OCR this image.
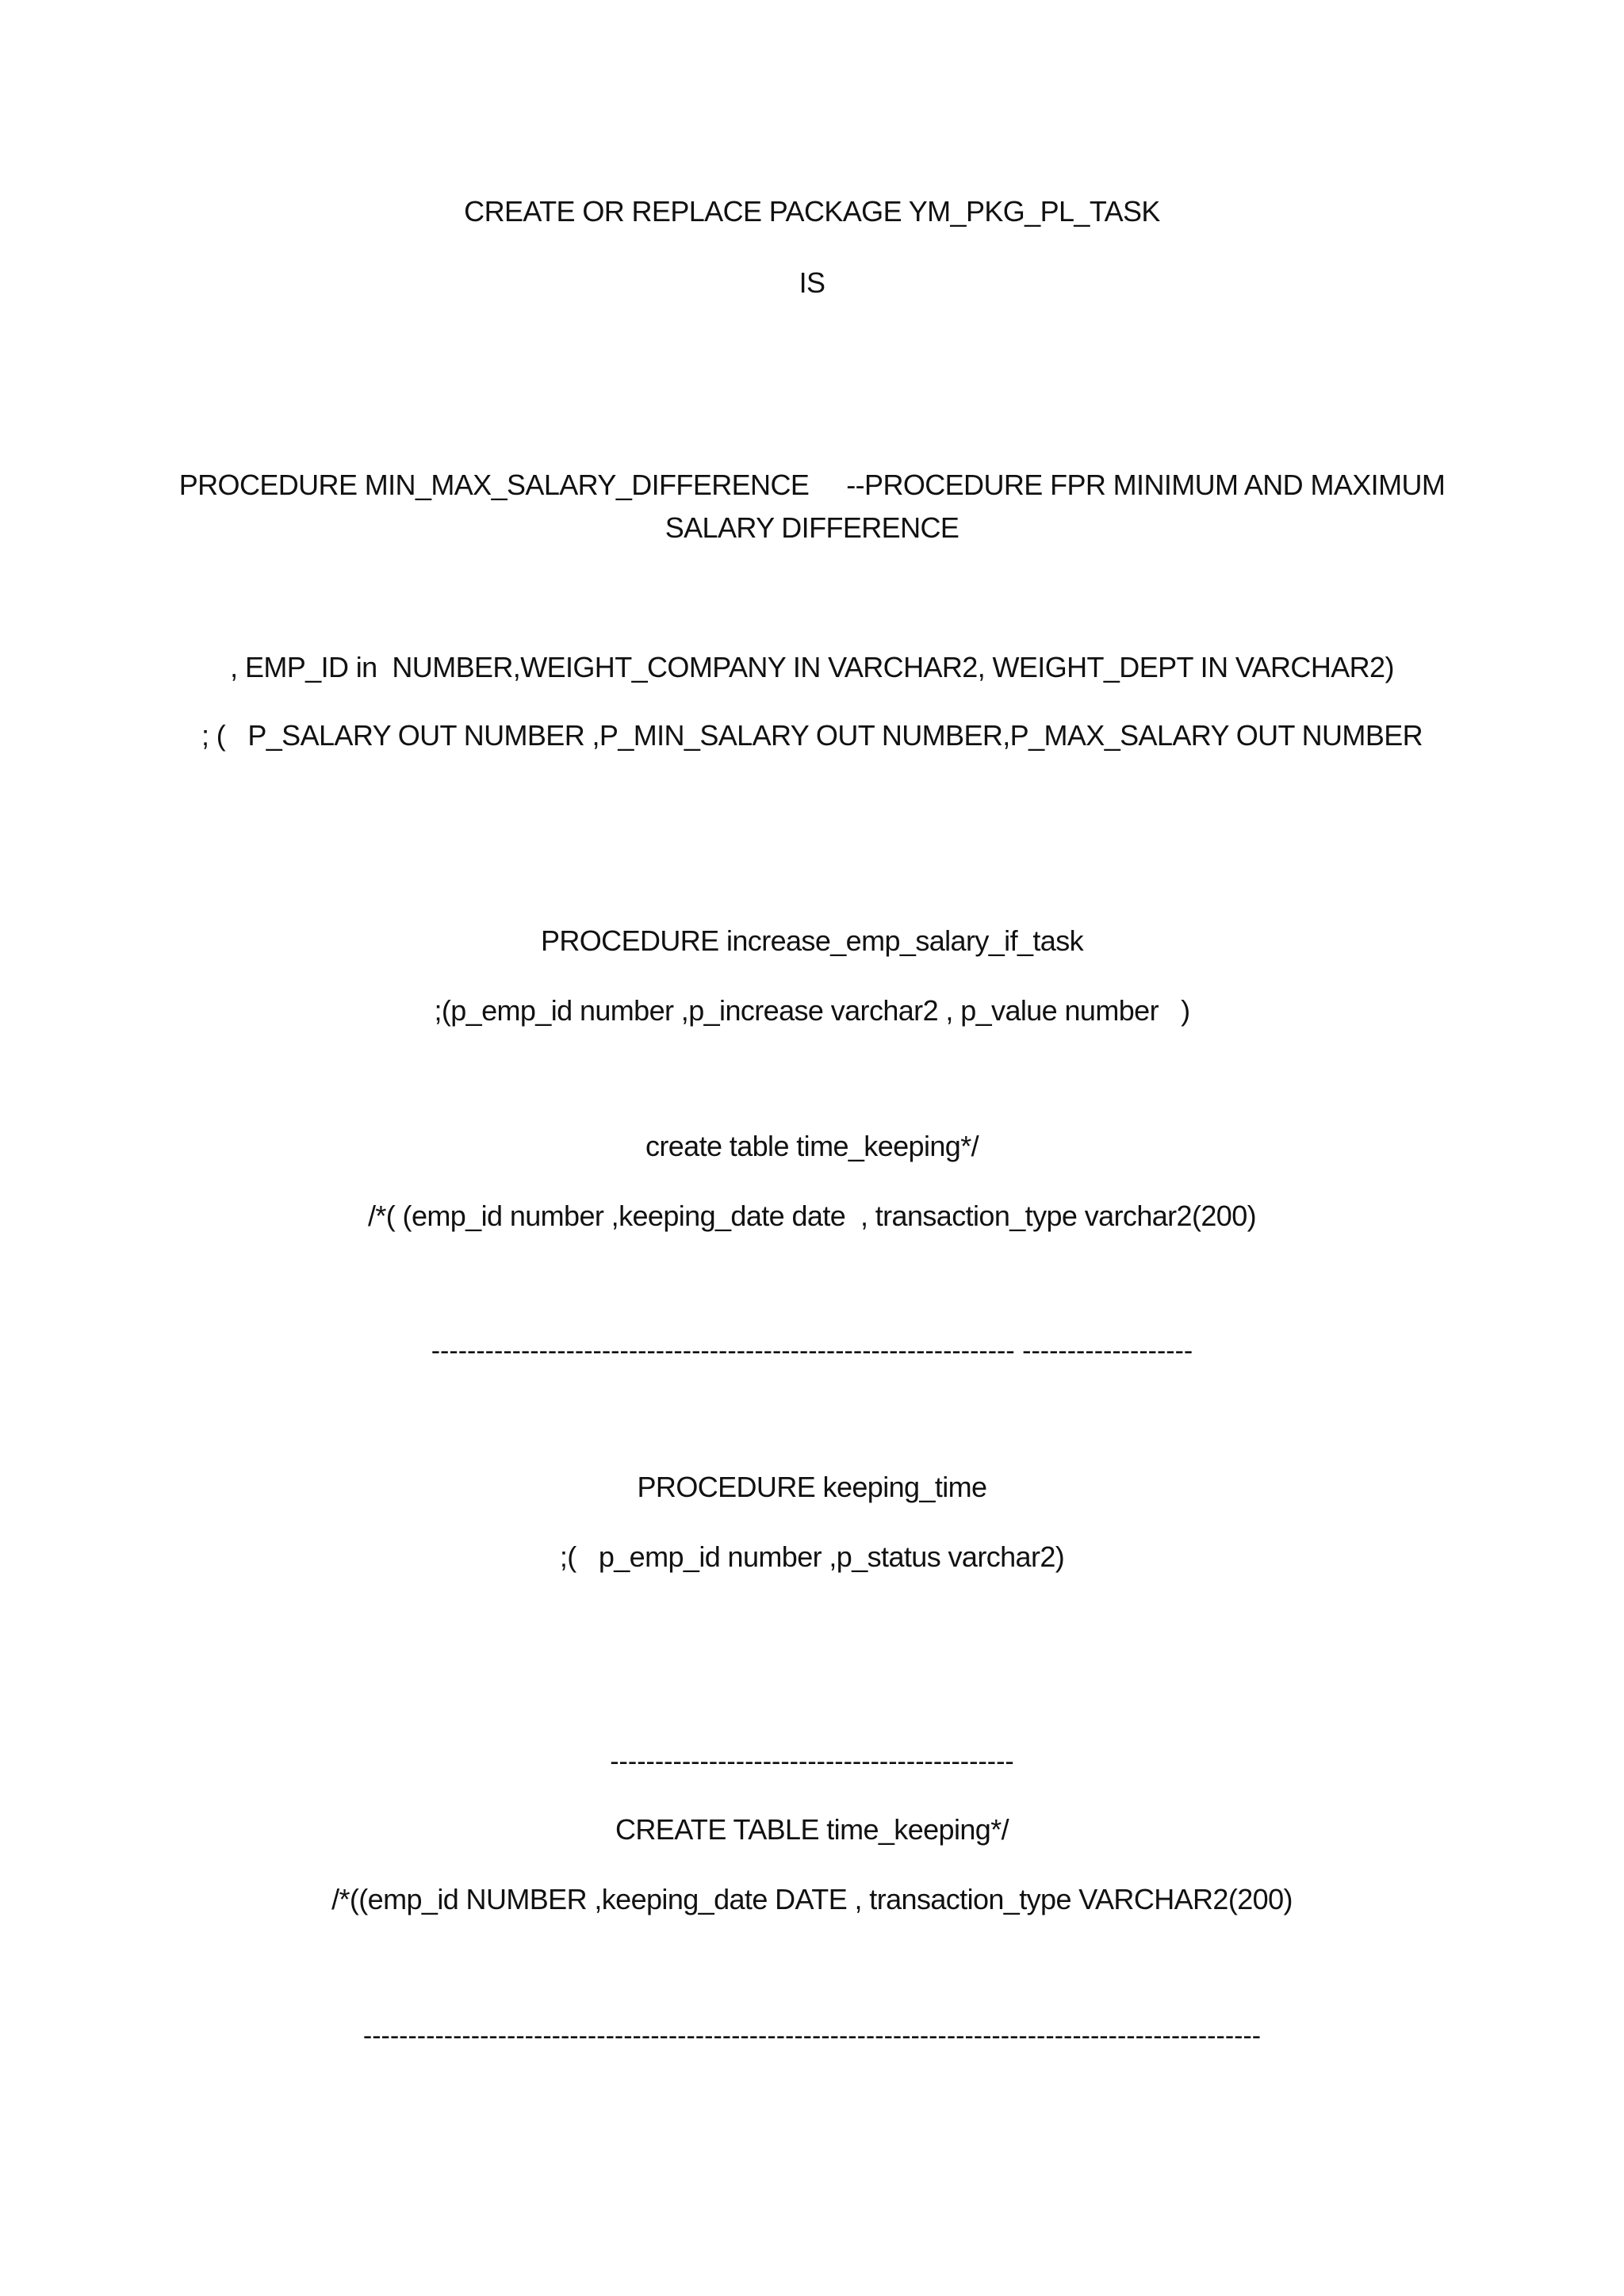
CREATE OR REPLACE PACKAGE YM_PKG_PL_TASK
IS
PROCEDURE MIN_MAX_SALARY_DIFFERENCE     --PROCEDURE FPR MINIMUM AND MAXIMUM
SALARY DIFFERENCE
, EMP_ID in  NUMBER,WEIGHT_COMPANY IN VARCHAR2, WEIGHT_DEPT IN VARCHAR2)
; (   P_SALARY OUT NUMBER ,P_MIN_SALARY OUT NUMBER,P_MAX_SALARY OUT NUMBER
PROCEDURE increase_emp_salary_if_task
;(p_emp_id number ,p_increase varchar2 , p_value number   )
create table time_keeping*/
/*( (emp_id number ,keeping_date date  , transaction_type varchar2(200)
----------------------------------------------------------------- -------------------
PROCEDURE keeping_time
;(   p_emp_id number ,p_status varchar2)
---------------------------------------------
CREATE TABLE time_keeping*/
/*((emp_id NUMBER ,keeping_date DATE , transaction_type VARCHAR2(200)
----------------------------------------------------------------------------------------------------
